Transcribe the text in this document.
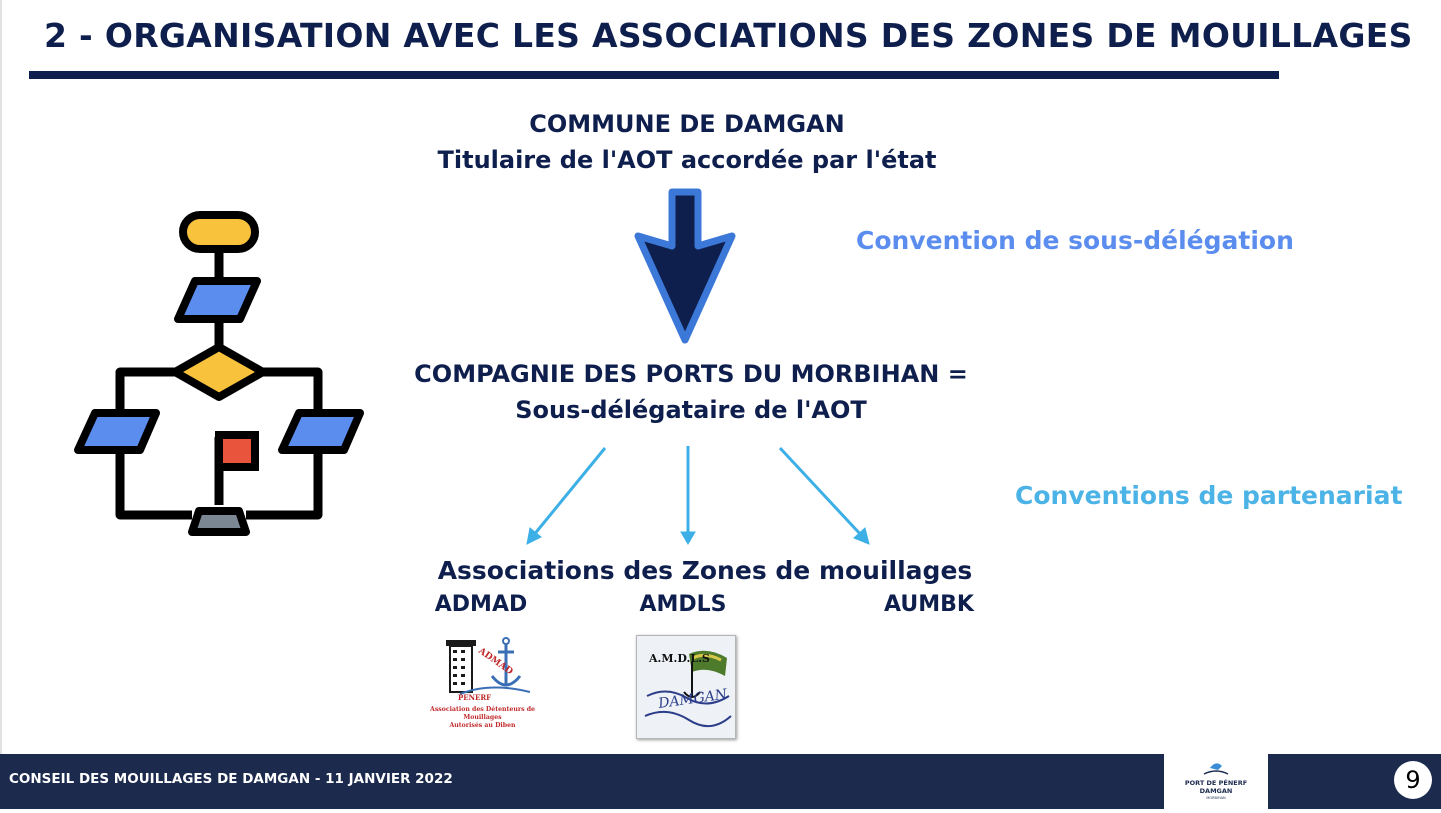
2 - ORGANISATION AVEC LES ASSOCIATIONS DES ZONES DE MOUILLAGES
COMMUNE DE DAMGAN
Titulaire de l'AOT accordée par l'état
Convention de sous-délégation
COMPAGNIE DES PORTS DU MORBIHAN =
Sous-délégataire de l'AOT
Conventions de partenariat
Associations des Zones de mouillages
ADMAD	AMDLS	AUMBK
ADMAD
PENERF
Association des Détenteurs de
Mouillages
Autorisés au Diben
A.M.D.L.S
DAMGAN
CONSEIL DES MOUILLAGES DE DAMGAN - 11 JANVIER 2022	PORT DE PÉNERF
DAMGAN
MORBIHAN
9
